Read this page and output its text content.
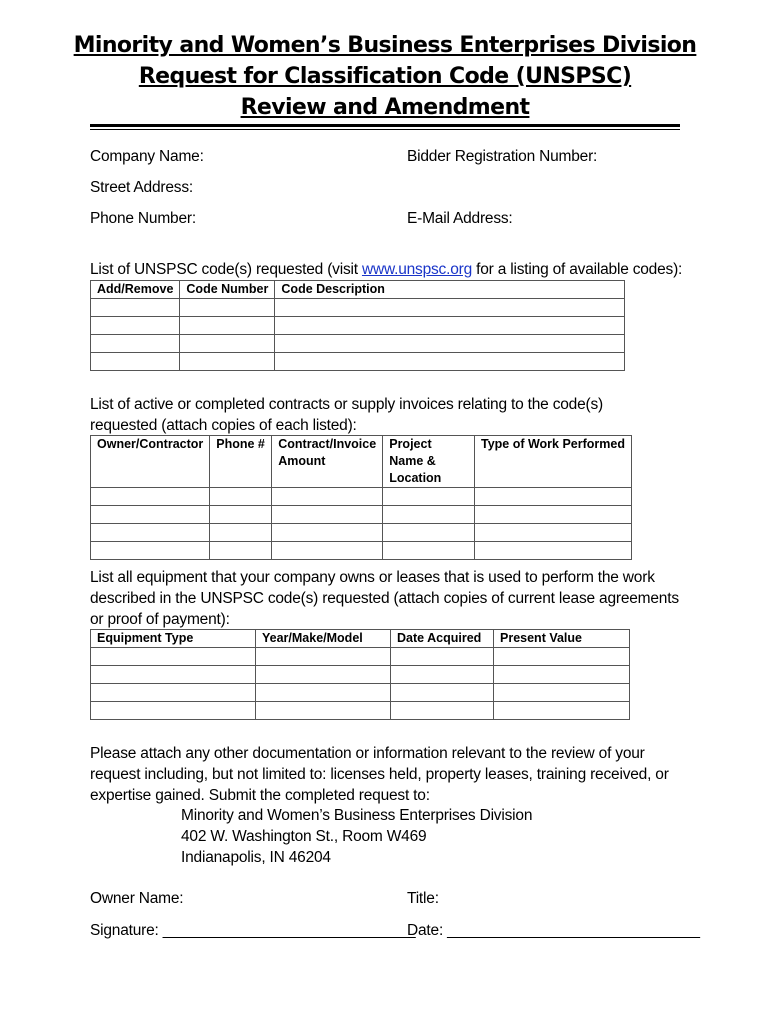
Minority and Women’s Business Enterprises Division
Request for Classification Code (UNSPSC)
Review and Amendment
Company Name:	Bidder Registration Number:
Street Address:
Phone Number:	E-Mail Address:
List of UNSPSC code(s) requested (visit www.unspsc.org for a listing of available codes):
Add/Remove	Code Number	Code Description

List of active or completed contracts or supply invoices relating to the code(s) requested (attach copies of each listed):
Owner/Contractor	Phone #	Contract/Invoice Amount	Project Name & Location	Type of Work Performed

List all equipment that your company owns or leases that is used to perform the work described in the UNSPSC code(s) requested (attach copies of current lease agreements or proof of payment):
Equipment Type	Year/Make/Model	Date Acquired	Present Value

Please attach any other documentation or information relevant to the review of your request including, but not limited to: licenses held, property leases, training received, or expertise gained. Submit the completed request to:
Minority and Women’s Business Enterprises Division
402 W. Washington St., Room W469
Indianapolis, IN 46204
Owner Name:	Title:
Signature: ______________________________
Date: ______________________________
